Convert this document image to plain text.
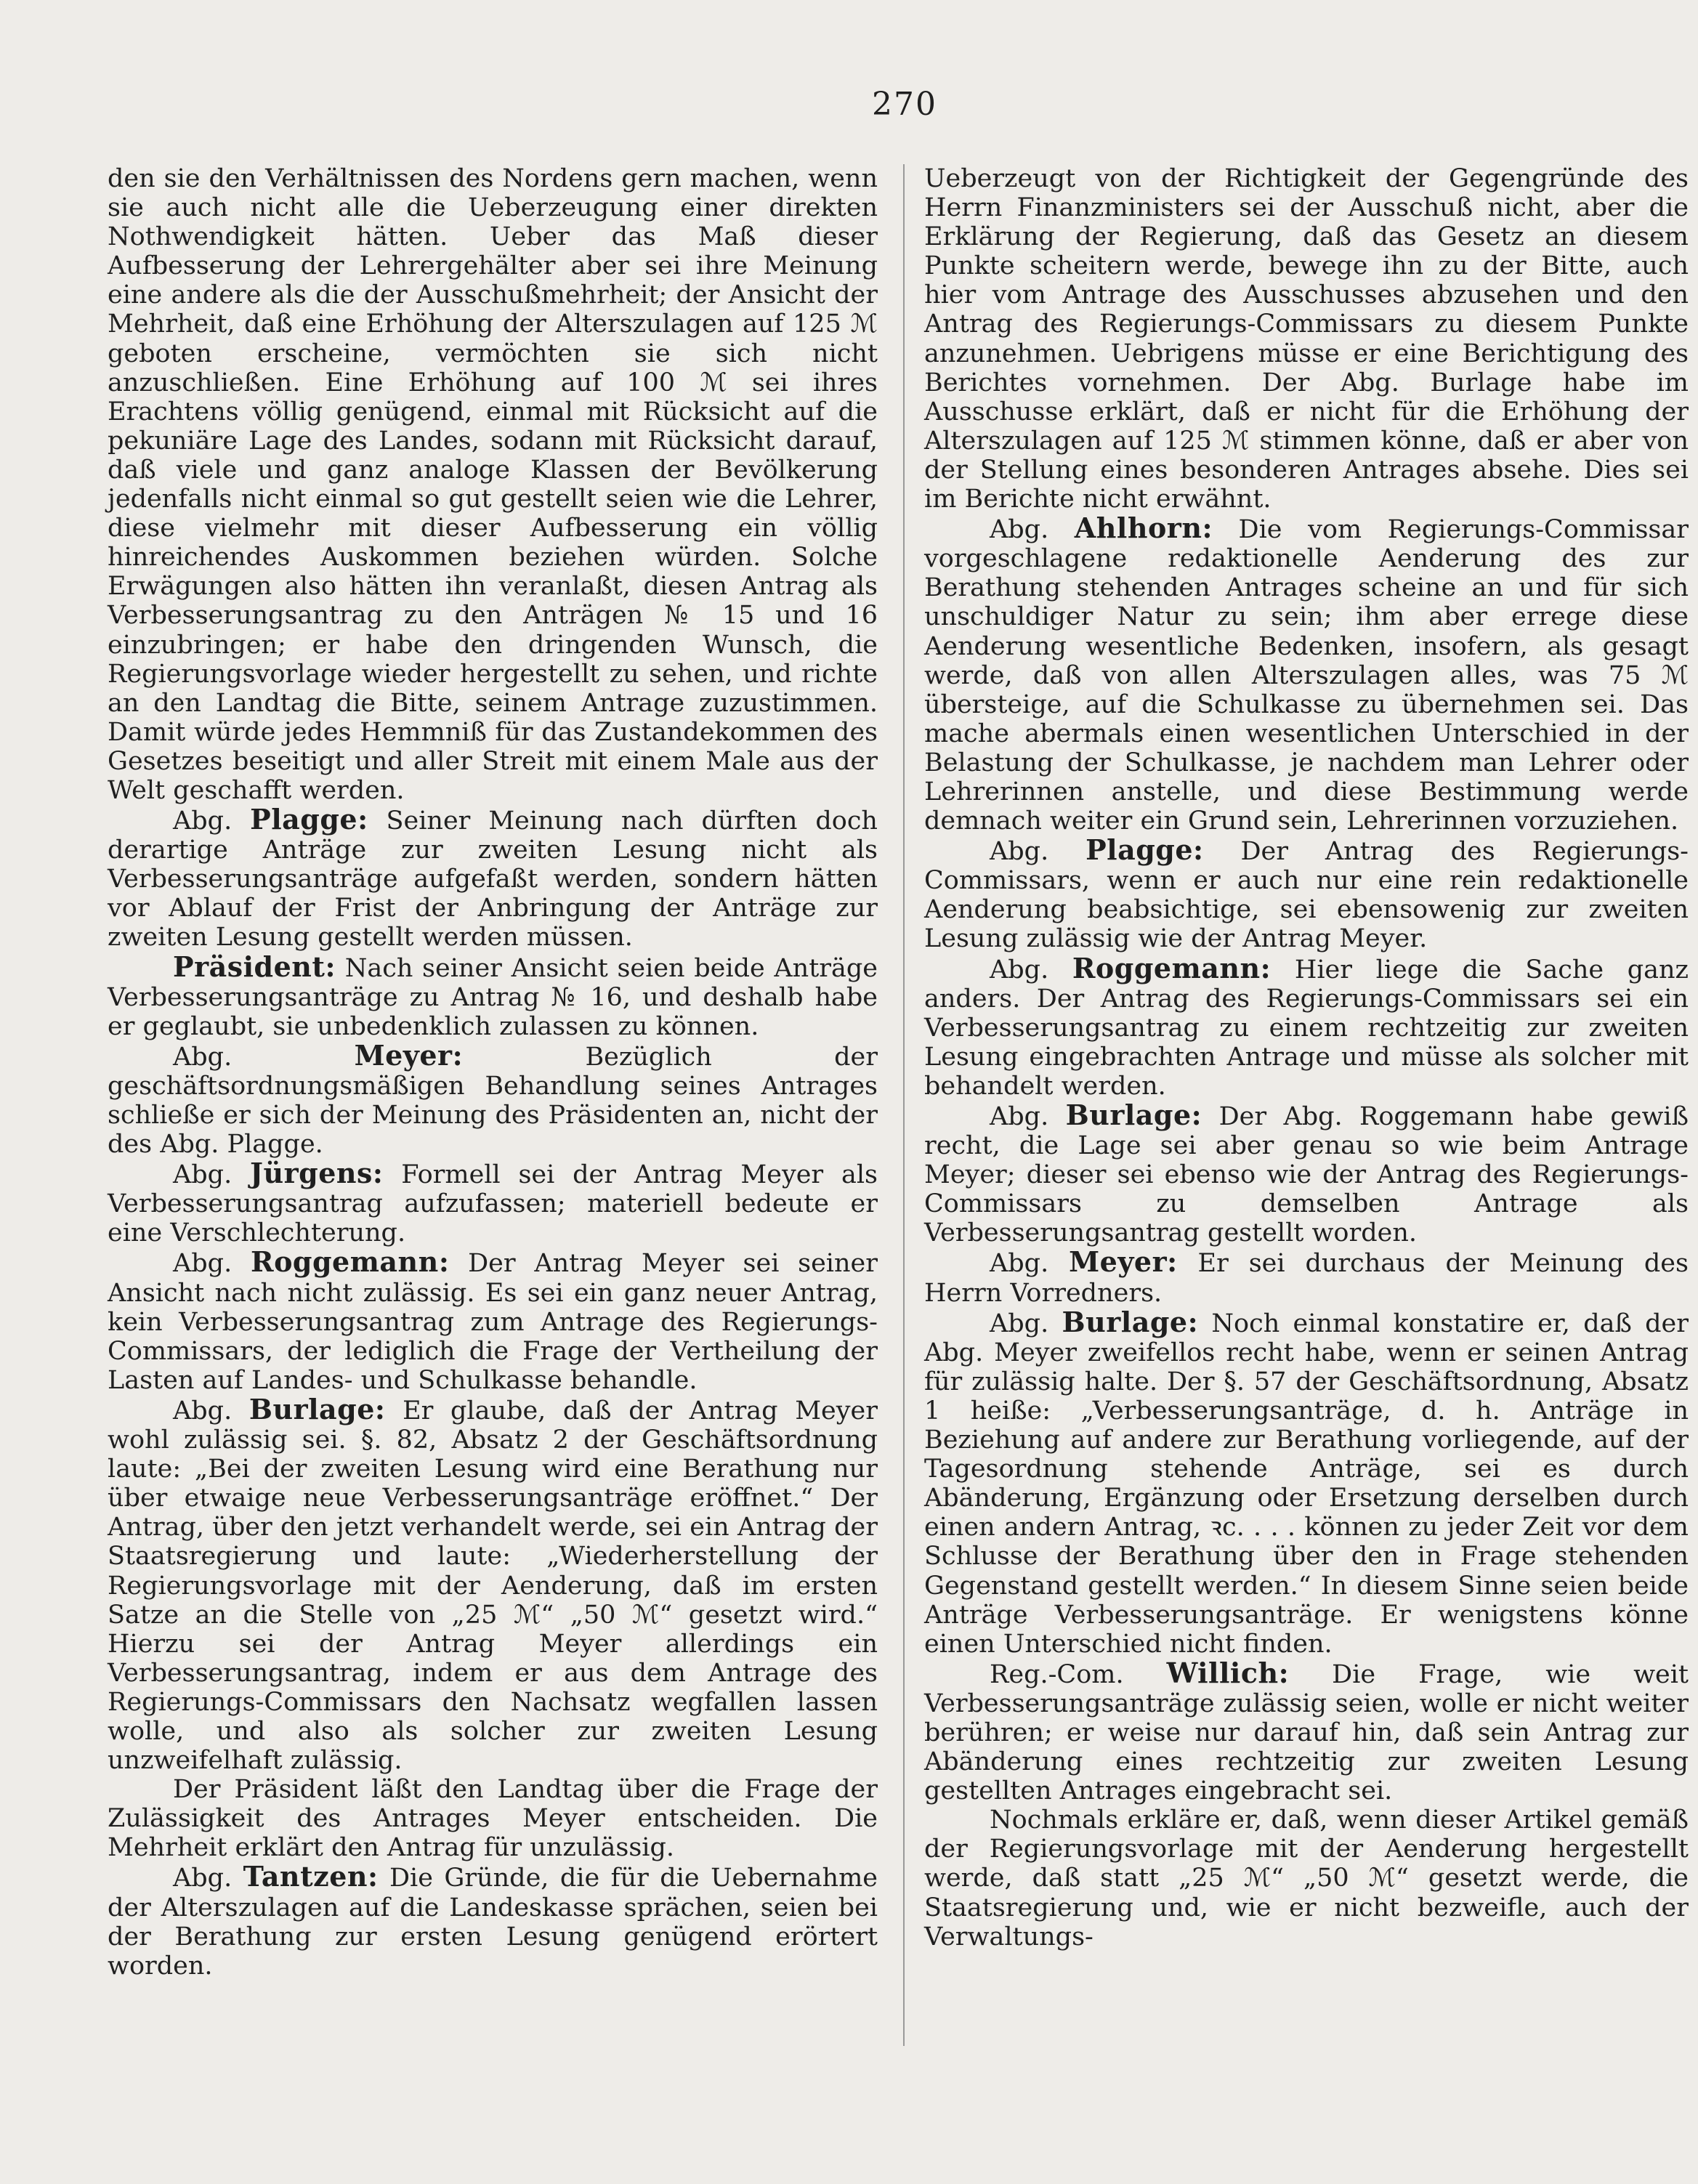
270

den sie den Verhältnissen des Nordens gern machen, wenn sie auch nicht alle die Ueberzeugung einer direkten Nothwendigkeit hätten. Ueber das Maß dieser Aufbesserung der Lehrergehälter aber sei ihre Meinung eine andere als die der Ausschußmehrheit; der Ansicht der Mehrheit, daß eine Erhöhung der Alterszulagen auf 125 ℳ geboten erscheine, vermöchten sie sich nicht anzuschließen. Eine Erhöhung auf 100 ℳ sei ihres Erachtens völlig genügend, einmal mit Rücksicht auf die pekuniäre Lage des Landes, sodann mit Rücksicht darauf, daß viele und ganz analoge Klassen der Bevölkerung jedenfalls nicht einmal so gut gestellt seien wie die Lehrer, diese vielmehr mit dieser Aufbesserung ein völlig hinreichendes Auskommen beziehen würden. Solche Erwägungen also hätten ihn veranlaßt, diesen Antrag als Verbesserungsantrag zu den Anträgen № 15 und 16 einzubringen; er habe den dringenden Wunsch, die Regierungsvorlage wieder hergestellt zu sehen, und richte an den Landtag die Bitte, seinem Antrage zuzustimmen. Damit würde jedes Hemmniß für das Zustandekommen des Gesetzes beseitigt und aller Streit mit einem Male aus der Welt geschafft werden.

Abg. Plagge: Seiner Meinung nach dürften doch derartige Anträge zur zweiten Lesung nicht als Verbesserungsanträge aufgefaßt werden, sondern hätten vor Ablauf der Frist der Anbringung der Anträge zur zweiten Lesung gestellt werden müssen.

Präsident: Nach seiner Ansicht seien beide Anträge Verbesserungsanträge zu Antrag № 16, und deshalb habe er geglaubt, sie unbedenklich zulassen zu können.

Abg.	Meyer:	Bezüglich der geschäftsordnungsmäßigen Behandlung seines Antrages schließe er sich der Meinung des Präsidenten an, nicht der des Abg. Plagge.

Abg. Jürgens: Formell sei der Antrag Meyer als Verbesserungsantrag aufzufassen; materiell bedeute er eine Verschlechterung.

Abg. Roggemann: Der Antrag Meyer sei seiner Ansicht nach nicht zulässig. Es sei ein ganz neuer Antrag, kein Verbesserungsantrag zum Antrage des Regierungs-Commissars, der lediglich die Frage der Vertheilung der Lasten auf Landes- und Schulkasse behandle.

Abg. Burlage: Er glaube, daß der Antrag Meyer wohl zulässig sei. §. 82, Absatz 2 der Geschäftsordnung laute: „Bei der zweiten Lesung wird eine Berathung nur über etwaige neue Verbesserungsanträge eröffnet.“ Der Antrag, über den jetzt verhandelt werde, sei ein Antrag der Staatsregierung und laute: „Wiederherstellung der Regierungsvorlage mit der Aenderung, daß im ersten Satze an die Stelle von „25 ℳ“ „50 ℳ“ gesetzt wird.“ Hierzu sei der Antrag Meyer allerdings ein Verbesserungsantrag, indem er aus dem Antrage des Regierungs-Commissars den Nachsatz wegfallen lassen wolle, und also als solcher zur zweiten Lesung unzweifelhaft zulässig.

Der Präsident läßt den Landtag über die Frage der Zulässigkeit des Antrages Meyer entscheiden. Die Mehrheit erklärt den Antrag für unzulässig.

Abg. Tantzen: Die Gründe, die für die Uebernahme der Alterszulagen auf die Landeskasse sprächen, seien bei der Berathung zur ersten Lesung genügend erörtert worden.

Ueberzeugt von der Richtigkeit der Gegengründe des Herrn Finanzministers sei der Ausschuß nicht, aber die Erklärung der Regierung, daß das Gesetz an diesem Punkte scheitern werde, bewege ihn zu der Bitte, auch hier vom Antrage des Ausschusses abzusehen und den Antrag des Regierungs-Commissars zu diesem Punkte anzunehmen. Uebrigens müsse er eine Berichtigung des Berichtes vornehmen. Der Abg. Burlage habe im Ausschusse erklärt, daß er nicht für die Erhöhung der Alterszulagen auf 125 ℳ stimmen könne, daß er aber von der Stellung eines besonderen Antrages absehe. Dies sei im Berichte nicht erwähnt.

Abg. Ahlhorn: Die vom Regierungs-Commissar vorgeschlagene redaktionelle Aenderung des zur Berathung stehenden Antrages scheine an und für sich unschuldiger Natur zu sein; ihm aber errege diese Aenderung wesentliche Bedenken, insofern, als gesagt werde, daß von allen Alterszulagen alles, was 75 ℳ übersteige, auf die Schulkasse zu übernehmen sei. Das mache abermals einen wesentlichen Unterschied in der Belastung der Schulkasse, je nachdem man Lehrer oder Lehrerinnen anstelle, und diese Bestimmung werde demnach weiter ein Grund sein, Lehrerinnen vorzuziehen.

Abg. Plagge: Der Antrag des Regierungs-Commissars, wenn er auch nur eine rein redaktionelle Aenderung beabsichtige, sei ebensowenig zur zweiten Lesung zulässig wie der Antrag Meyer.

Abg. Roggemann: Hier liege die Sache ganz anders. Der Antrag des Regierungs-Commissars sei ein Verbesserungsantrag zu einem rechtzeitig zur zweiten Lesung eingebrachten Antrage und müsse als solcher mit behandelt werden.

Abg. Burlage: Der Abg. Roggemann habe gewiß recht, die Lage sei aber genau so wie beim Antrage Meyer; dieser sei ebenso wie der Antrag des Regierungs-Commissars zu demselben Antrage als Verbesserungsantrag gestellt worden.

Abg. Meyer: Er sei durchaus der Meinung des Herrn Vorredners.

Abg. Burlage: Noch einmal konstatire er, daß der Abg. Meyer zweifellos recht habe, wenn er seinen Antrag für zulässig halte. Der §. 57 der Geschäftsordnung, Absatz 1 heiße: „Verbesserungsanträge, d. h. Anträge in Beziehung auf andere zur Berathung vorliegende, auf der Tagesordnung stehende Anträge, sei es durch Abänderung, Ergänzung oder Ersetzung derselben durch einen andern Antrag, ꝛc. . . . können zu jeder Zeit vor dem Schlusse der Berathung über den in Frage stehenden Gegenstand gestellt werden.“ In diesem Sinne seien beide Anträge Verbesserungsanträge. Er wenigstens könne einen Unterschied nicht finden.

Reg.-Com. Willich: Die Frage, wie weit Verbesserungsanträge zulässig seien, wolle er nicht weiter berühren; er weise nur darauf hin, daß sein Antrag zur Abänderung eines rechtzeitig zur zweiten Lesung gestellten Antrages eingebracht sei.

Nochmals erkläre er, daß, wenn dieser Artikel gemäß der Regierungsvorlage mit der Aenderung hergestellt werde, daß statt „25 ℳ“ „50 ℳ“ gesetzt werde, die Staatsregierung und, wie er nicht bezweifle, auch der Verwaltungs-
